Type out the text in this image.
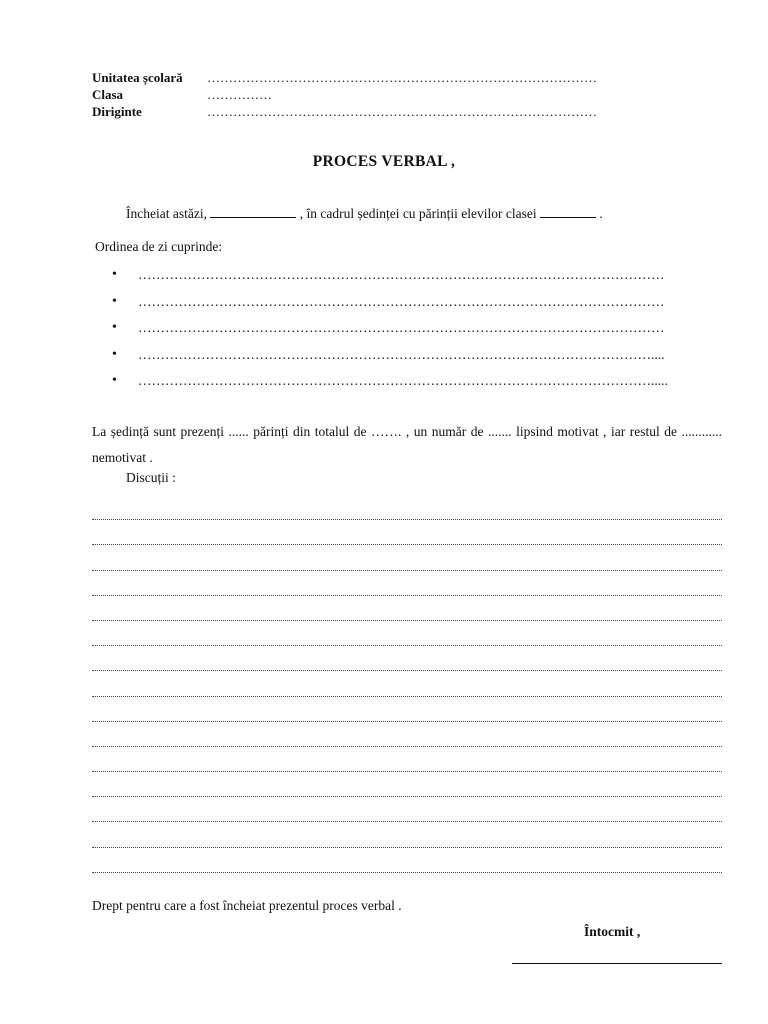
Unitatea școlară ………………………………………………………………………………
Clasa	……………
Diriginte	………………………………………………………………………………
PROCES VERBAL ,
Încheiat astăzi,	, în cadrul ședinței cu părinții elevilor clasei	.
Ordinea de zi cuprinde:
• ………………………………………………………………………………………………………
• ………………………………………………………………………………………………………
• ………………………………………………………………………………………………………
• ……………………………………………………………………………………………………....
• …………………………………………………………………………………………………….....
La ședință sunt prezenți ...... părinți din totalul de ……. , un număr de ....... lipsind motivat , iar restul de ............ nemotivat .
Discuții :
Drept pentru care a fost încheiat prezentul proces verbal .
Întocmit ,
